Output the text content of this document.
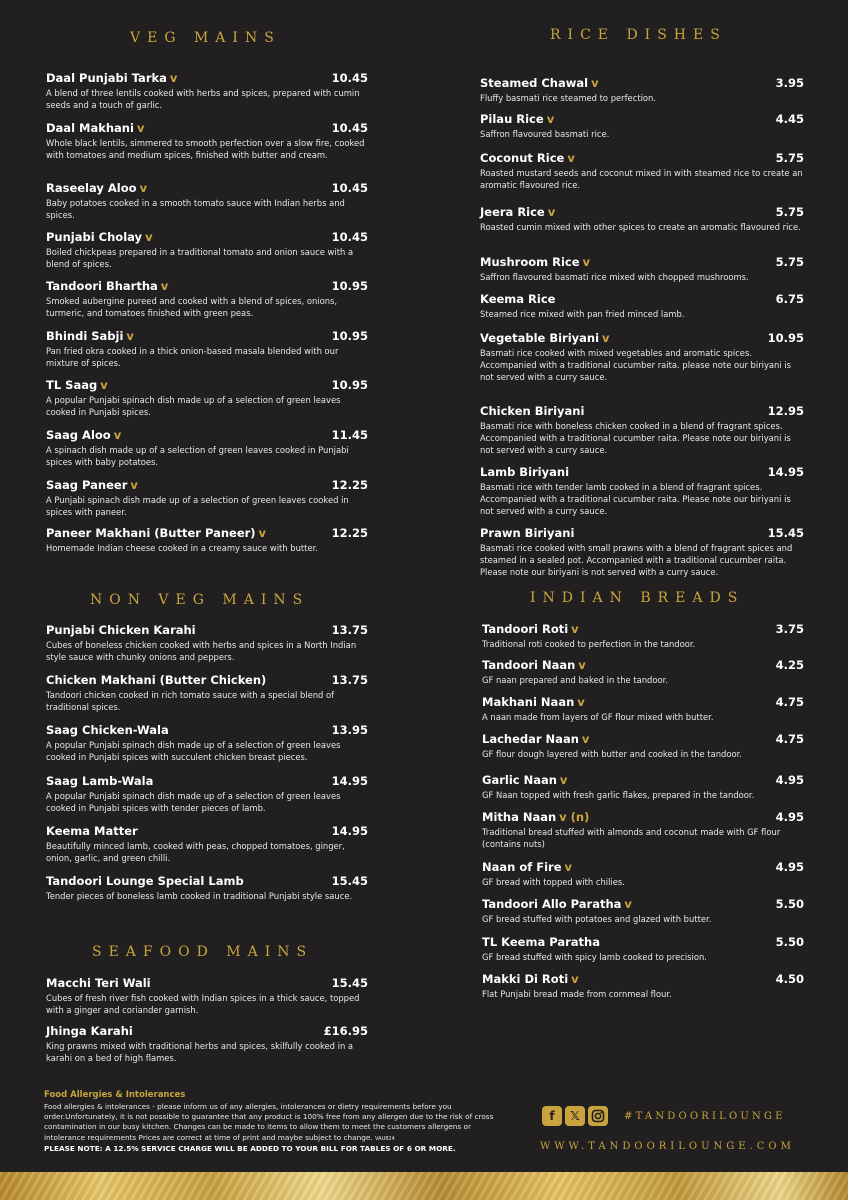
VEG MAINS	RICE DISHES
NON VEG MAINS	INDIAN BREADS
SEAFOOD MAINS
Daal Punjabi Tarka v	10.45
A blend of three lentils cooked with herbs and spices, prepared with cumin seeds and a touch of garlic.
Daal Makhani v	10.45
Whole black lentils, simmered to smooth perfection over a slow fire, cooked with tomatoes and medium spices, finished with butter and cream.
Raseelay Aloo v	10.45
Baby potatoes cooked in a smooth tomato sauce with Indian herbs and spices.
Punjabi Cholay v	10.45
Boiled chickpeas prepared in a traditional tomato and onion sauce with a blend of spices.
Tandoori Bhartha v	10.95
Smoked aubergine pureed and cooked with a blend of spices, onions, turmeric, and tomatoes finished with green peas.
Bhindi Sabji v	10.95
Pan fried okra cooked in a thick onion-based masala blended with our mixture of spices.
TL Saag v	10.95
A popular Punjabi spinach dish made up of a selection of green leaves cooked in Punjabi spices.
Saag Aloo v	11.45
A spinach dish made up of a selection of green leaves cooked in Punjabi spices with baby potatoes.
Saag Paneer v	12.25
A Punjabi spinach dish made up of a selection of green leaves cooked in spices with paneer.
Paneer Makhani (Butter Paneer) v	12.25
Homemade Indian cheese cooked in a creamy sauce with butter.
Punjabi Chicken Karahi	13.75
Cubes of boneless chicken cooked with herbs and spices in a North Indian style sauce with chunky onions and peppers.
Chicken Makhani (Butter Chicken)	13.75
Tandoori chicken cooked in rich tomato sauce with a special blend of traditional spices.
Saag Chicken-Wala	13.95
A popular Punjabi spinach dish made up of a selection of green leaves cooked in Punjabi spices with succulent chicken breast pieces.
Saag Lamb-Wala	14.95
A popular Punjabi spinach dish made up of a selection of green leaves cooked in Punjabi spices with tender pieces of lamb.
Keema Matter	14.95
Beautifully minced lamb, cooked with peas, chopped tomatoes, ginger, onion, garlic, and green chilli.
Tandoori Lounge Special Lamb	15.45
Tender pieces of boneless lamb cooked in traditional Punjabi style sauce.
Macchi Teri Wali	15.45
Cubes of fresh river fish cooked with Indian spices in a thick sauce, topped with a ginger and coriander garnish.
Jhinga Karahi	£16.95
King prawns mixed with traditional herbs and spices, skilfully cooked in a karahi on a bed of high flames.
Steamed Chawal v	3.95
Fluffy basmati rice steamed to perfection.
Pilau Rice v	4.45
Saffron flavoured basmati rice.
Coconut Rice v	5.75
Roasted mustard seeds and coconut mixed in with steamed rice to create an aromatic flavoured rice.
Jeera Rice v	5.75
Roasted cumin mixed with other spices to create an aromatic flavoured rice.
Mushroom Rice v	5.75
Saffron flavoured basmati rice mixed with chopped mushrooms.
Keema Rice	6.75
Steamed rice mixed with pan fried minced lamb.
Vegetable Biriyani v	10.95
Basmati rice cooked with mixed vegetables and aromatic spices. Accompanied with a traditional cucumber raita. please note our biriyani is not served with a curry sauce.
Chicken Biriyani	12.95
Basmati rice with boneless chicken cooked in a blend of fragrant spices. Accompanied with a traditional cucumber raita. Please note our biriyani is not served with a curry sauce.
Lamb Biriyani	14.95
Basmati rice with tender lamb cooked in a blend of fragrant spices. Accompanied with a traditional cucumber raita. Please note our biriyani is not served with a curry sauce.
Prawn Biriyani	15.45
Basmati rice cooked with small prawns with a blend of fragrant spices and steamed in a sealed pot. Accompanied with a traditional cucumber raita. Please note our biriyani is not served with a curry sauce.
Tandoori Roti v	3.75
Traditional roti cooked to perfection in the tandoor.
Tandoori Naan v	4.25
GF naan prepared and baked in the tandoor.
Makhani Naan v	4.75
A naan made from layers of GF flour mixed with butter.
Lachedar Naan v	4.75
GF flour dough layered with butter and cooked in the tandoor.
Garlic Naan v	4.95
GF Naan topped with fresh garlic flakes, prepared in the tandoor.
Mitha Naan v (n)	4.95
Traditional bread stuffed with almonds and coconut made with GF flour (contains nuts)
Naan of Fire v	4.95
GF bread with topped with chilies.
Tandoori Allo Paratha v	5.50
GF bread stuffed with potatoes and glazed with butter.
TL Keema Paratha	5.50
GF bread stuffed with spicy lamb cooked to precision.
Makki Di Roti v	4.50
Flat Punjabi bread made from cornmeal flour.
Food Allergies & Intolerances
Food allergies & intolerances - please inform us of any allergies, intolerances or dietry requirements before you order.Unfortunately, it is not possible to guarantee that any product is 100% free from any allergen due to the risk of cross contamination in our busy kitchen. Changes can be made to items to allow them to meet the customers allergens or intolerance requirements Prices are correct at time of print and maybe subject to change. VAU824
PLEASE NOTE: A 12.5% SERVICE CHARGE WILL BE ADDED TO YOUR BILL FOR TABLES OF 6 OR MORE.
f	𝕏	#TANDOORILOUNGE
WWW.TANDOORILOUNGE.COM
